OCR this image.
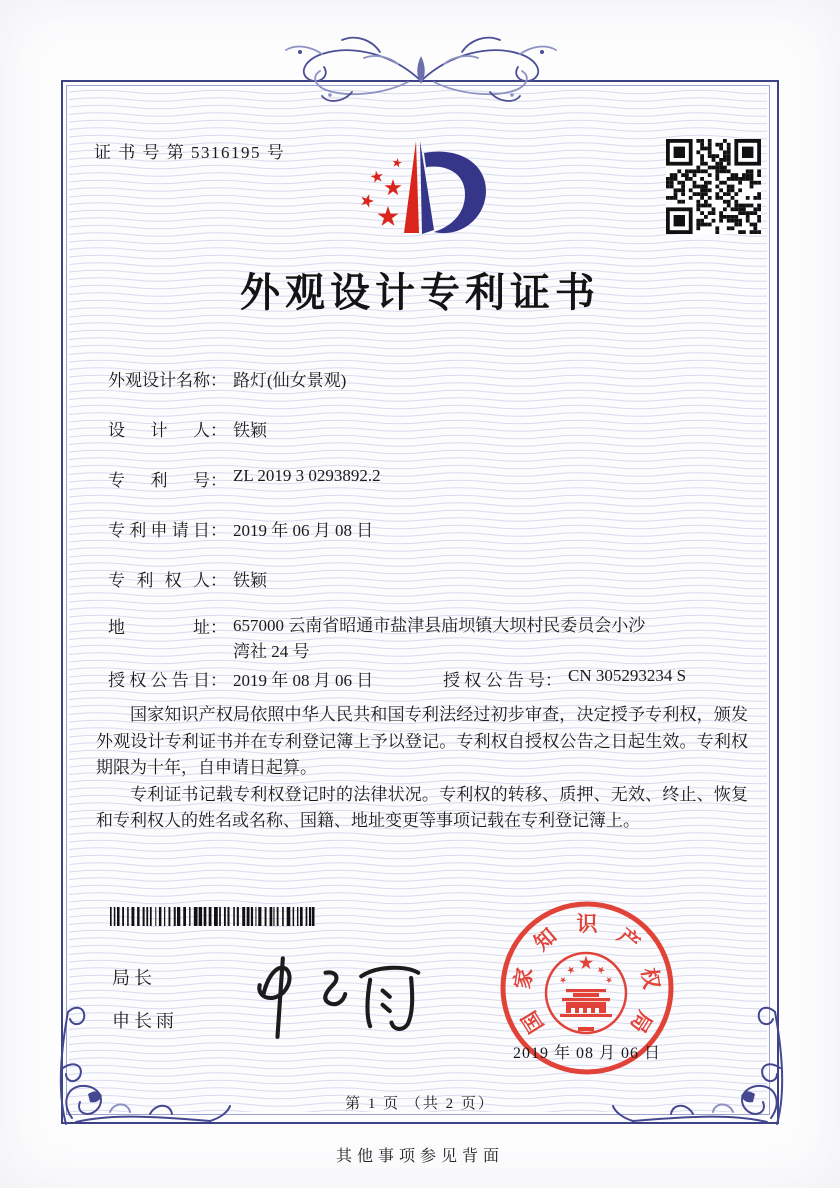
证 书 号 第 5316195 号
外观设计专利证书
外观设计名称 ： 路灯(仙女景观)
设计人 ： 铁颖
专利号 ： ZL 2019 3 0293892.2
专利申请日 ： 2019 年 06 月 08 日
专利权人 ： 铁颖
地址 ： 657000 云南省昭通市盐津县庙坝镇大坝村民委员会小沙湾社 24 号
授权公告日 ： 2019 年 08 月 06 日	授权公告号 ： CN 305293234 S

国家知识产权局依照中华人民共和国专利法经过初步审查，决定授予专利权，颁发外观设计专利证书并在专利登记簿上予以登记。专利权自授权公告之日起生效。专利权期限为十年，自申请日起算。

专利证书记载专利权登记时的法律状况。专利权的转移、质押、无效、终止、恢复和专利权人的姓名或名称、国籍、地址变更等事项记载在专利登记簿上。

局长
申长雨	国
家
知 识 产
权
局
2019 年 08 月 06 日
第 1 页 （共 2 页）
其他事项参见背面
